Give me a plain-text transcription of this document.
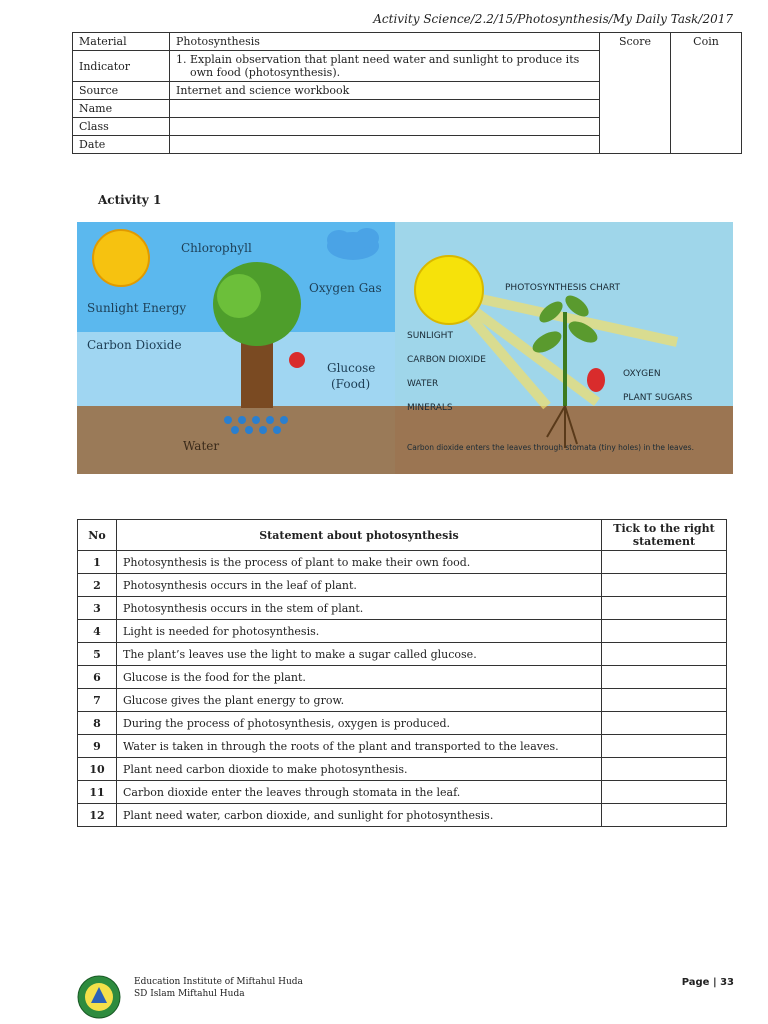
Activity Science/2.2/15/Photosynthesis/My Daily Task/2017
Material	Photosynthesis	Score	Coin
Indicator	1. Explain observation that plant need water and sunlight to produce its own food (photosynthesis).		

Source	Internet and science workbook		
Name			
Class			
Date			
Activity 1
Chlorophyll
Sunlight Energy
Oxygen Gas
Carbon Dioxide
Glucose
(Food)
Water
PHOTOSYNTHESIS CHART
SUNLIGHT
CARBON DIOXIDE
WATER
MINERALS
OXYGEN
PLANT SUGARS
Carbon dioxide enters the leaves through stomata (tiny holes) in the leaves.
No	Statement about photosynthesis	Tick to the right statement
1	Photosynthesis is the process of plant to make their own food.	
2	Photosynthesis occurs in the leaf of plant.	
3	Photosynthesis occurs in the stem of plant.	
4	Light is needed for photosynthesis.	
5	The plant’s leaves use the light to make a sugar called glucose.	
6	Glucose is the food for the plant.	
7	Glucose gives the plant energy to grow.	
8	During the process of photosynthesis, oxygen is produced.	
9	Water is taken in through the roots of the plant and transported to the leaves.	
10	Plant need carbon dioxide to make photosynthesis.	
11	Carbon dioxide enter the leaves through stomata in the leaf.	
12	Plant need water, carbon dioxide, and sunlight for photosynthesis.	
Education Institute of Miftahul Huda
SD Islam Miftahul Huda
Page | 33
